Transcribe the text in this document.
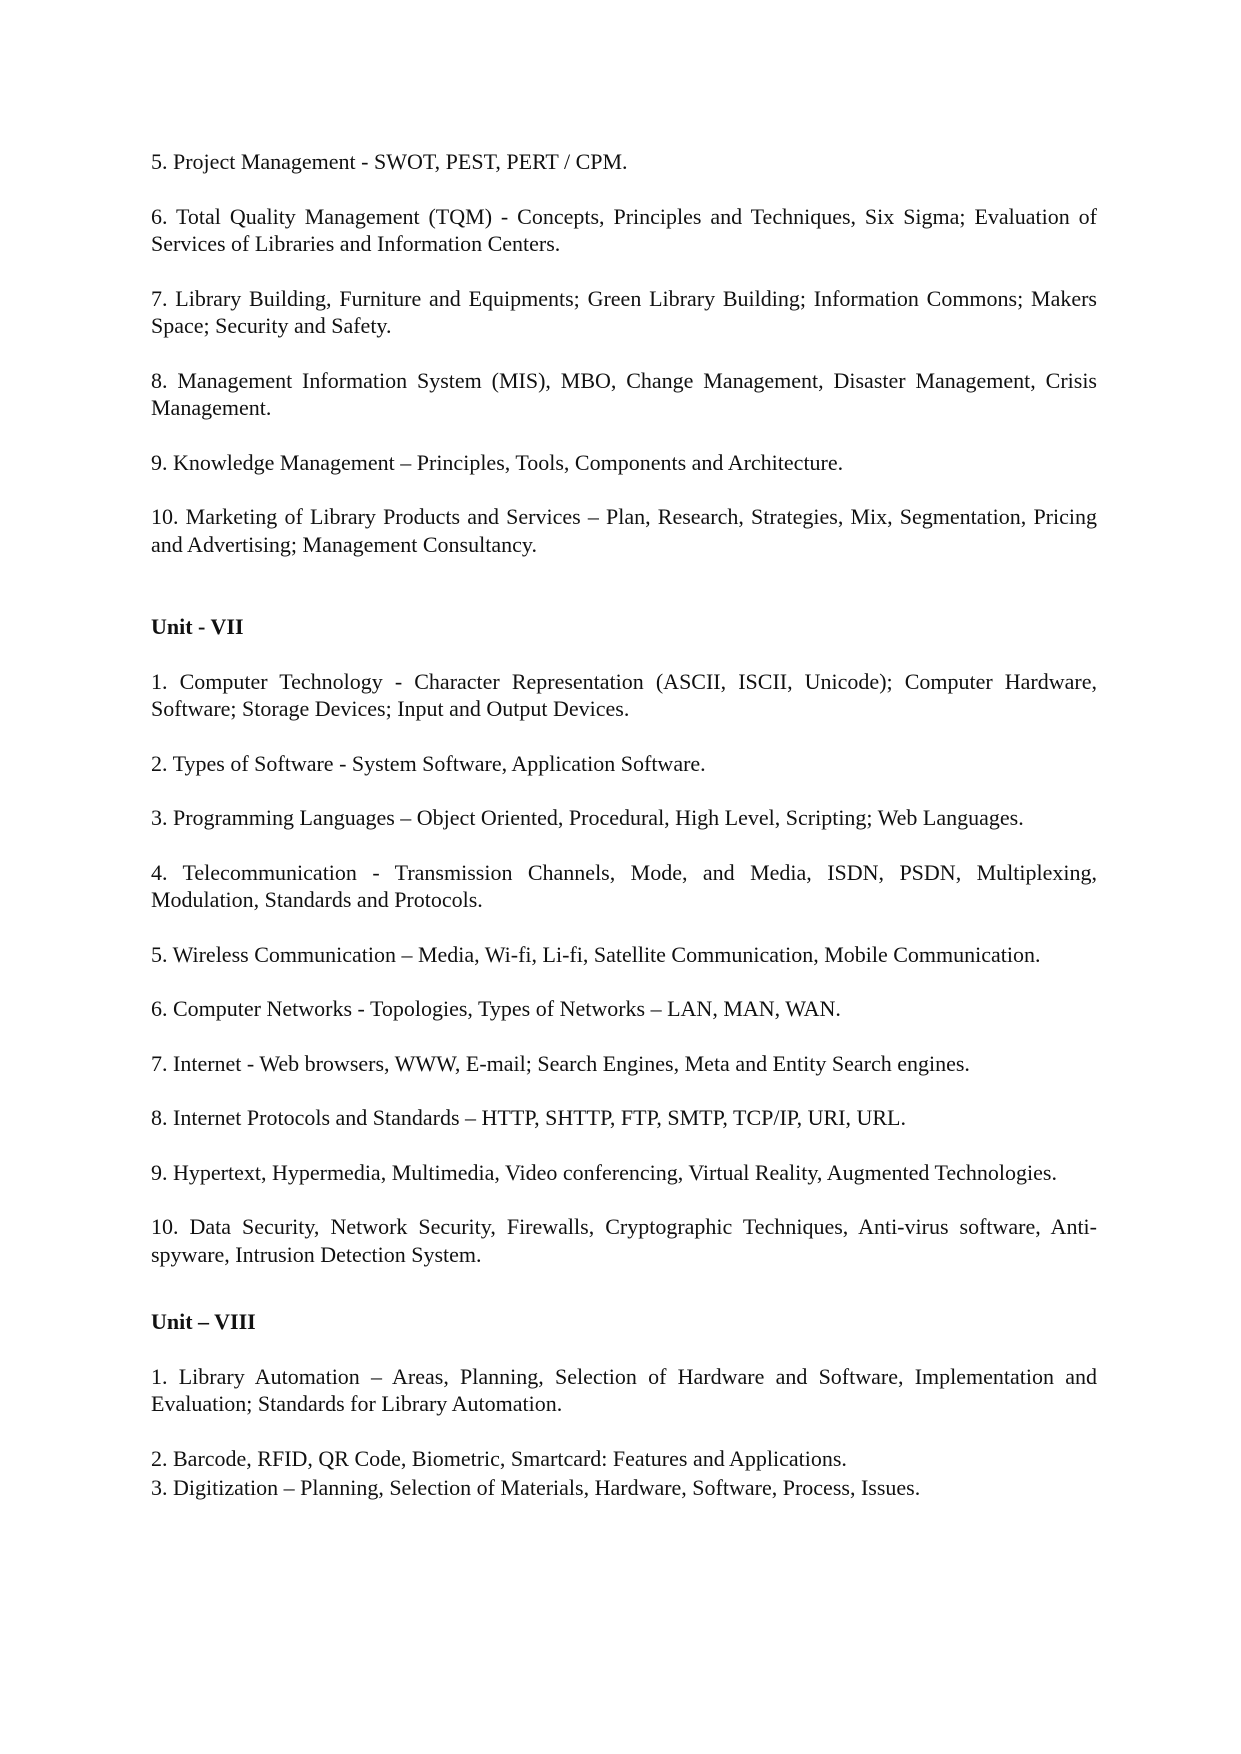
5. Project Management - SWOT, PEST, PERT / CPM.

6. Total Quality Management (TQM) - Concepts, Principles and Techniques, Six Sigma; Evaluation of Services of Libraries and Information Centers.

7. Library Building, Furniture and Equipments; Green Library Building; Information Commons; Makers Space; Security and Safety.

8. Management Information System (MIS), MBO, Change Management, Disaster Management, Crisis Management.

9. Knowledge Management – Principles, Tools, Components and Architecture.

10. Marketing of Library Products and Services – Plan, Research, Strategies, Mix, Segmentation, Pricing and Advertising; Management Consultancy.

Unit - VII

1. Computer Technology - Character Representation (ASCII, ISCII, Unicode); Computer Hardware, Software; Storage Devices; Input and Output Devices.

2. Types of Software - System Software, Application Software.

3. Programming Languages – Object Oriented, Procedural, High Level, Scripting; Web Languages.

4. Telecommunication - Transmission Channels, Mode, and Media, ISDN, PSDN, Multiplexing, Modulation, Standards and Protocols.

5. Wireless Communication – Media, Wi-fi, Li-fi, Satellite Communication, Mobile Communication.

6. Computer Networks - Topologies, Types of Networks – LAN, MAN, WAN.

7. Internet - Web browsers, WWW, E-mail; Search Engines, Meta and Entity Search engines.

8. Internet Protocols and Standards – HTTP, SHTTP, FTP, SMTP, TCP/IP, URI, URL.

9. Hypertext, Hypermedia, Multimedia, Video conferencing, Virtual Reality, Augmented Technologies.

10. Data Security, Network Security, Firewalls, Cryptographic Techniques, Anti-virus software, Anti-spyware, Intrusion Detection System.

Unit – VIII

1. Library Automation – Areas, Planning, Selection of Hardware and Software, Implementation and Evaluation; Standards for Library Automation.

2. Barcode, RFID, QR Code, Biometric, Smartcard: Features and Applications.

3. Digitization – Planning, Selection of Materials, Hardware, Software, Process, Issues.
